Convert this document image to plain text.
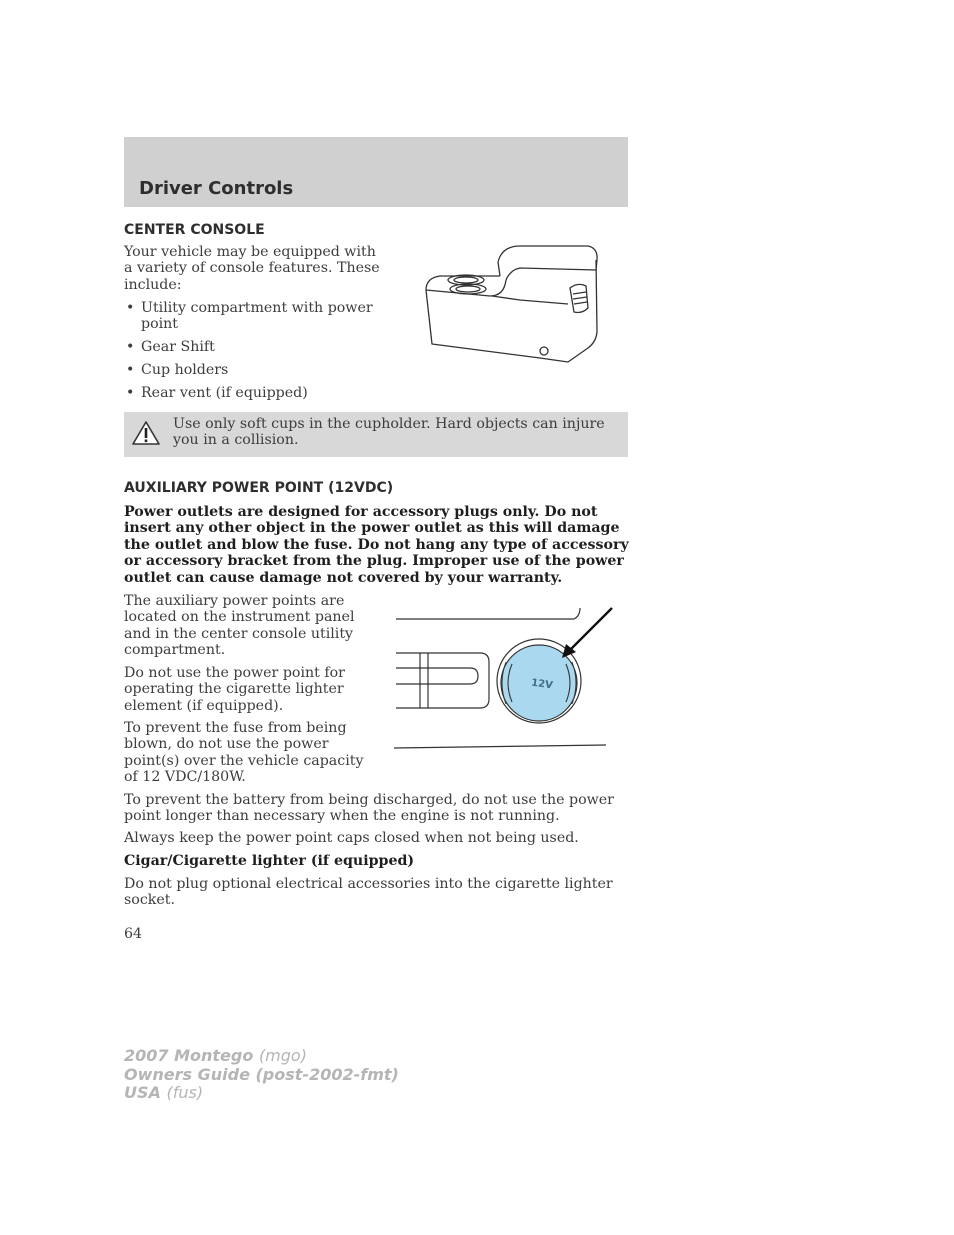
Driver Controls
CENTER CONSOLE
Your vehicle may be equipped with a variety of console features. These include:
• Utility compartment with power point
• Gear Shift
• Cup holders
• Rear vent (if equipped)
Use only soft cups in the cupholder. Hard objects can injure you in a collision.
AUXILIARY POWER POINT (12VDC)
Power outlets are designed for accessory plugs only. Do not insert any other object in the power outlet as this will damage the outlet and blow the fuse. Do not hang any type of accessory or accessory bracket from the plug. Improper use of the power outlet can cause damage not covered by your warranty.
The auxiliary power points are located on the instrument panel and in the center console utility compartment.
Do not use the power point for operating the cigarette lighter element (if equipped).
To prevent the fuse from being blown, do not use the power point(s) over the vehicle capacity of 12 VDC/180W.
12V
To prevent the battery from being discharged, do not use the power point longer than necessary when the engine is not running.
Always keep the power point caps closed when not being used.
Cigar/Cigarette lighter (if equipped)
Do not plug optional electrical accessories into the cigarette lighter socket.
64
2007 Montego (mgo)
Owners Guide (post-2002-fmt)
USA (fus)
